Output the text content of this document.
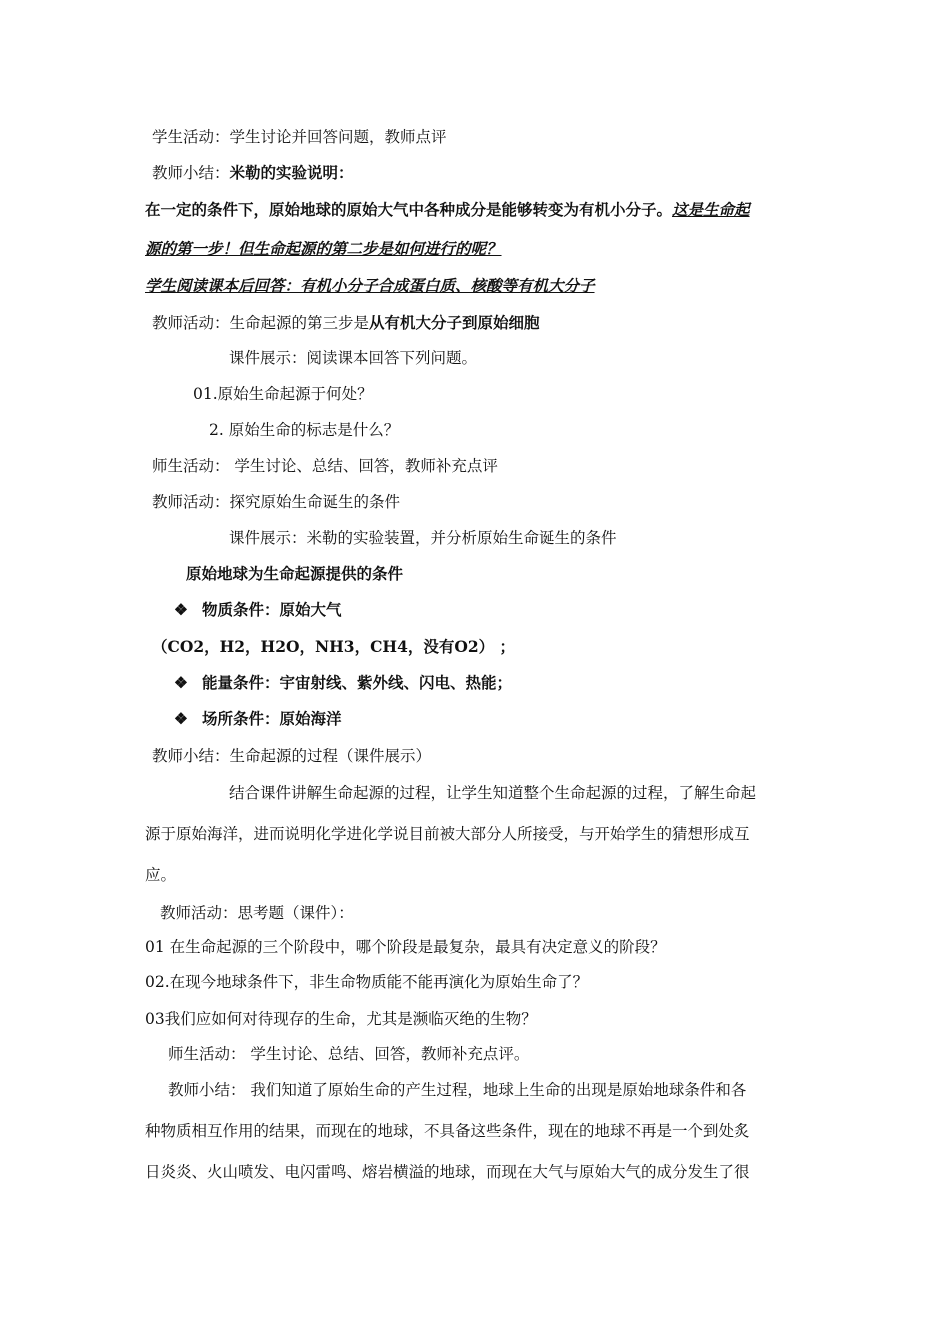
学生活动：学生讨论并回答问题，教师点评
教师小结：米勒的实验说明：
在一定的条件下，原始地球的原始大气中各种成分是能够转变为有机小分子。这是生命起
源的第一步！但生命起源的第二步是如何进行的呢？
学生阅读课本后回答：有机小分子合成蛋白质、核酸等有机大分子
教师活动：生命起源的第三步是从有机大分子到原始细胞
课件展示：阅读课本回答下列问题。
01.原始生命起源于何处？
2. 原始生命的标志是什么？
师生活动： 学生讨论、总结、回答，教师补充点评
教师活动：探究原始生命诞生的条件
课件展示：米勒的实验装置，并分析原始生命诞生的条件
原始地球为生命起源提供的条件
❖ 物质条件：原始大气
（CO2，H2，H2O，NH3，CH4，没有O2） ；
❖ 能量条件：宇宙射线、紫外线、闪电、热能；
❖ 场所条件：原始海洋
教师小结：生命起源的过程（课件展示）
结合课件讲解生命起源的过程，让学生知道整个生命起源的过程，了解生命起
源于原始海洋，进而说明化学进化学说目前被大部分人所接受，与开始学生的猜想形成互
应。
教师活动：思考题（课件）：
01 在生命起源的三个阶段中，哪个阶段是最复杂，最具有决定意义的阶段？
02.在现今地球条件下，非生命物质能不能再演化为原始生命了？
03我们应如何对待现存的生命，尤其是濒临灭绝的生物？
师生活动： 学生讨论、总结、回答，教师补充点评。
教师小结： 我们知道了原始生命的产生过程，地球上生命的出现是原始地球条件和各
种物质相互作用的结果，而现在的地球，不具备这些条件，现在的地球不再是一个到处炙
日炎炎、火山喷发、电闪雷鸣、熔岩横溢的地球，而现在大气与原始大气的成分发生了很
